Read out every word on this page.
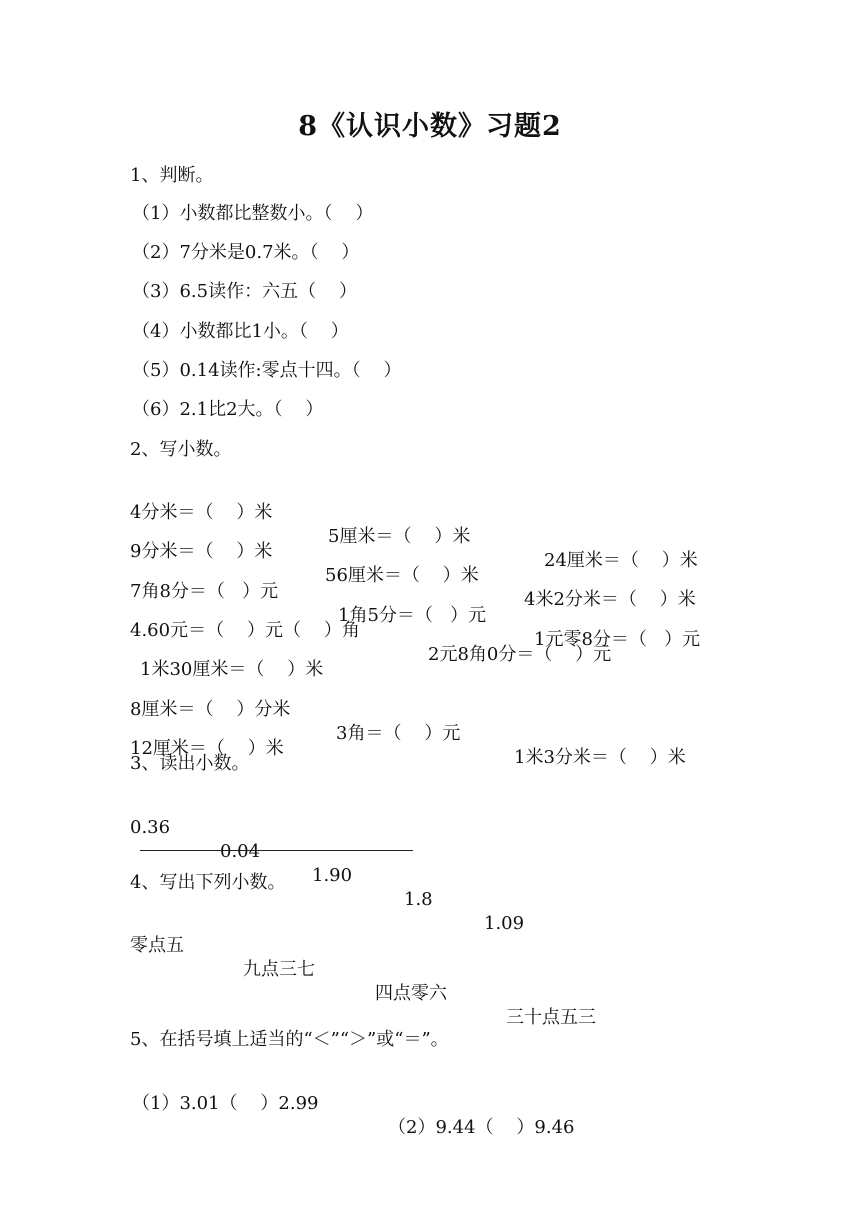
8《认识小数》习题2

1、判断。

（1）小数都比整数小。（    ）

（2）7分米是0.7米。（    ）

（3）6.5读作：六五（    ）

（4）小数都比1小。（    ）

（5）0.14读作:零点十四。（    ）

（6）2.1比2大。（    ）

2、写小数。

4分米＝（    ）米

5厘米＝（    ）米

24厘米＝（    ）米

9分米＝（    ）米

56厘米＝（    ）米

4米2分米＝（    ）米

7角8分＝（   ）元

1角5分＝（   ）元

1元零8分＝（   ）元

4.60元＝（    ）元（    ）角

2元8角0分＝（    ）元

1米30厘米＝（    ）米

8厘米＝（    ）分米

3角＝（    ）元

1米3分米＝（    ）米

12厘米＝（    ）米

3、读出小数。

0.36

0.04

1.90

1.8

1.09

4、写出下列小数。

零点五

九点三七

四点零六

三十点五三

5、在括号填上适当的“＜”“＞”或“＝”。

（1）3.01（    ）2.99

（2）9.44（    ）9.46
